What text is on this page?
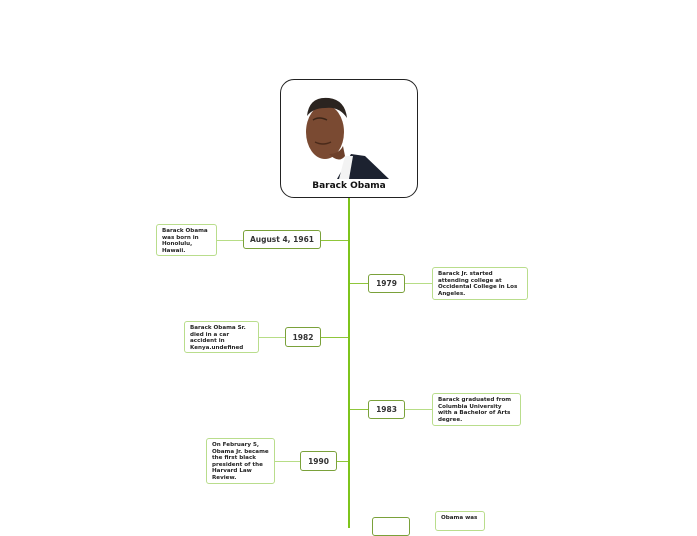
Barack Obama
August 4, 1961
Barack Obama was born in Honolulu, Hawaii.
1979
Barack Jr. started attending college at Occidental College in Los Angeles.
1982
Barack Obama Sr. died in a car accident in Kenya.undefined
1983
Barack graduated from Columbia University with a Bachelor of Arts degree.
1990
On February 5, Obama Jr. became the first black president of the Harvard Law Review.
Obama was
